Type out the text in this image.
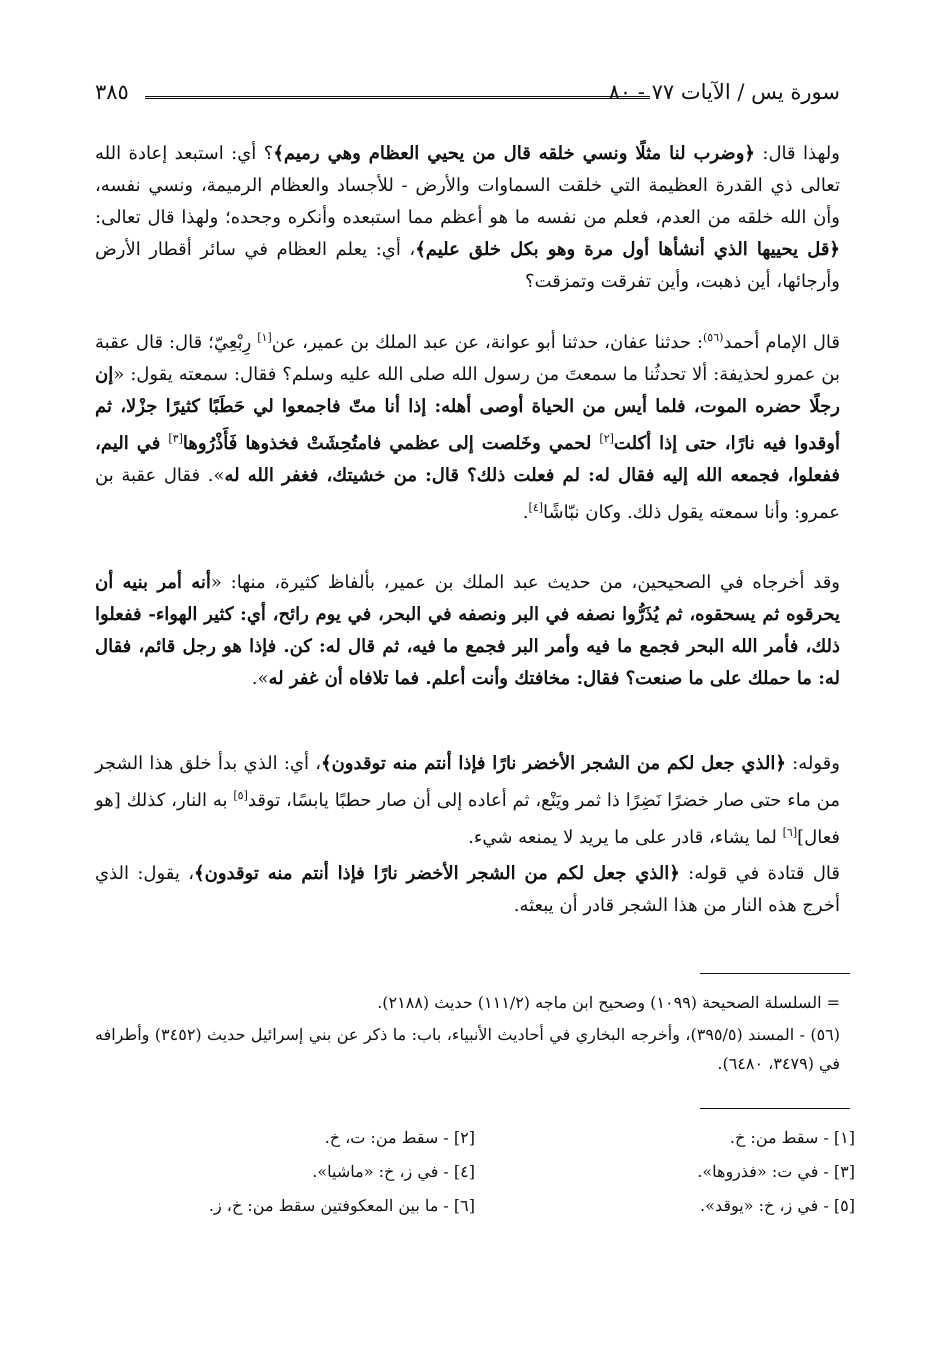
سورة يس / الآيات ٧٧ - ٨٠
٣٨٥
ولهذا قال: ﴿وضرب لنا مثلًا ونسي خلقه قال من يحيي العظام وهي رميم﴾؟ أي: استبعد إعادة الله تعالى ذي القدرة العظيمة التي خلقت السماوات والأرض - للأجساد والعظام الرميمة، ونسي نفسه، وأن الله خلقه من العدم، فعلم من نفسه ما هو أعظم مما استبعده وأنكره وجحده؛ ولهذا قال تعالى: ﴿قل يحييها الذي أنشأها أول مرة وهو بكل خلق عليم﴾، أي: يعلم العظام في سائر أقطار الأرض وأرجائها، أين ذهبت، وأين تفرقت وتمزقت؟
قال الإمام أحمد$^{(٥٦)}$: حدثنا عفان، حدثنا أبو عوانة، عن عبد الملك بن عمير، عن[١] رِبْعِيّ؛ قال: قال عقبة بن عمرو لحذيفة: ألا تحدثُنا ما سمعتَ من رسول الله صلى الله عليه وسلم؟ فقال: سمعته يقول: «إن رجلًا حضره الموت، فلما أيس من الحياة أوصى أهله: إذا أنا متّ فاجمعوا لي حَطَبًا كثيرًا جزْلا، ثم أوقدوا فيه نارًا، حتى إذا أكلت[٢] لحمي وخَلصت إلى عظمي فامتُحِشَتْ فخذوها فَأَذْرُوها[٣] في اليم، ففعلوا، فجمعه الله إليه فقال له: لم فعلت ذلك؟ قال: من خشيتك، فغفر الله له». فقال عقبة بن عمرو: وأنا سمعته يقول ذلك. وكان نبّاشًا[٤].
وقد أخرجاه في الصحيحين، من حديث عبد الملك بن عمير، بألفاظ كثيرة، منها: «أنه أمر بنيه أن يحرقوه ثم يسحقوه، ثم يُذَرُّوا نصفه في البر ونصفه في البحر، في يوم رائح، أي: كثير الهواء- ففعلوا ذلك، فأمر الله البحر فجمع ما فيه وأمر البر فجمع ما فيه، ثم قال له: كن. فإذا هو رجل قائم، فقال له: ما حملك على ما صنعت؟ فقال: مخافتك وأنت أعلم. فما تلافاه أن غفر له».
وقوله: ﴿الذي جعل لكم من الشجر الأخضر نارًا فإذا أنتم منه توقدون﴾، أي: الذي بدأ خلق هذا الشجر من ماء حتى صار خضرًا نَضِرًا ذا ثمر ويَنْع، ثم أعاده إلى أن صار حطبًا يابسًا، توقد[٥] به النار، كذلك [هو فعال][٦] لما يشاء، قادر على ما يريد لا يمنعه شيء.
قال قتادة في قوله: ﴿الذي جعل لكم من الشجر الأخضر نارًا فإذا أنتم منه توقدون﴾، يقول: الذي أخرج هذه النار من هذا الشجر قادر أن يبعثه.
= السلسلة الصحيحة (١٠٩٩) وصحيح ابن ماجه (١١١/٢) حديث (٢١٨٨).
(٥٦) - المسند (٣٩٥/٥)، وأخرجه البخاري في أحاديث الأنبياء، باب: ما ذكر عن بني إسرائيل حديث (٣٤٥٢) وأطرافه في (٣٤٧٩، ٦٤٨٠).
[١] - سقط من: خ.
[٢] - سقط من: ت، خ.
[٣] - في ت: «فذروها».
[٤] - في ز، خ: «ماشيا».
[٥] - في ز، خ: «يوقد».
[٦] - ما بين المعكوفتين سقط من: خ، ز.
